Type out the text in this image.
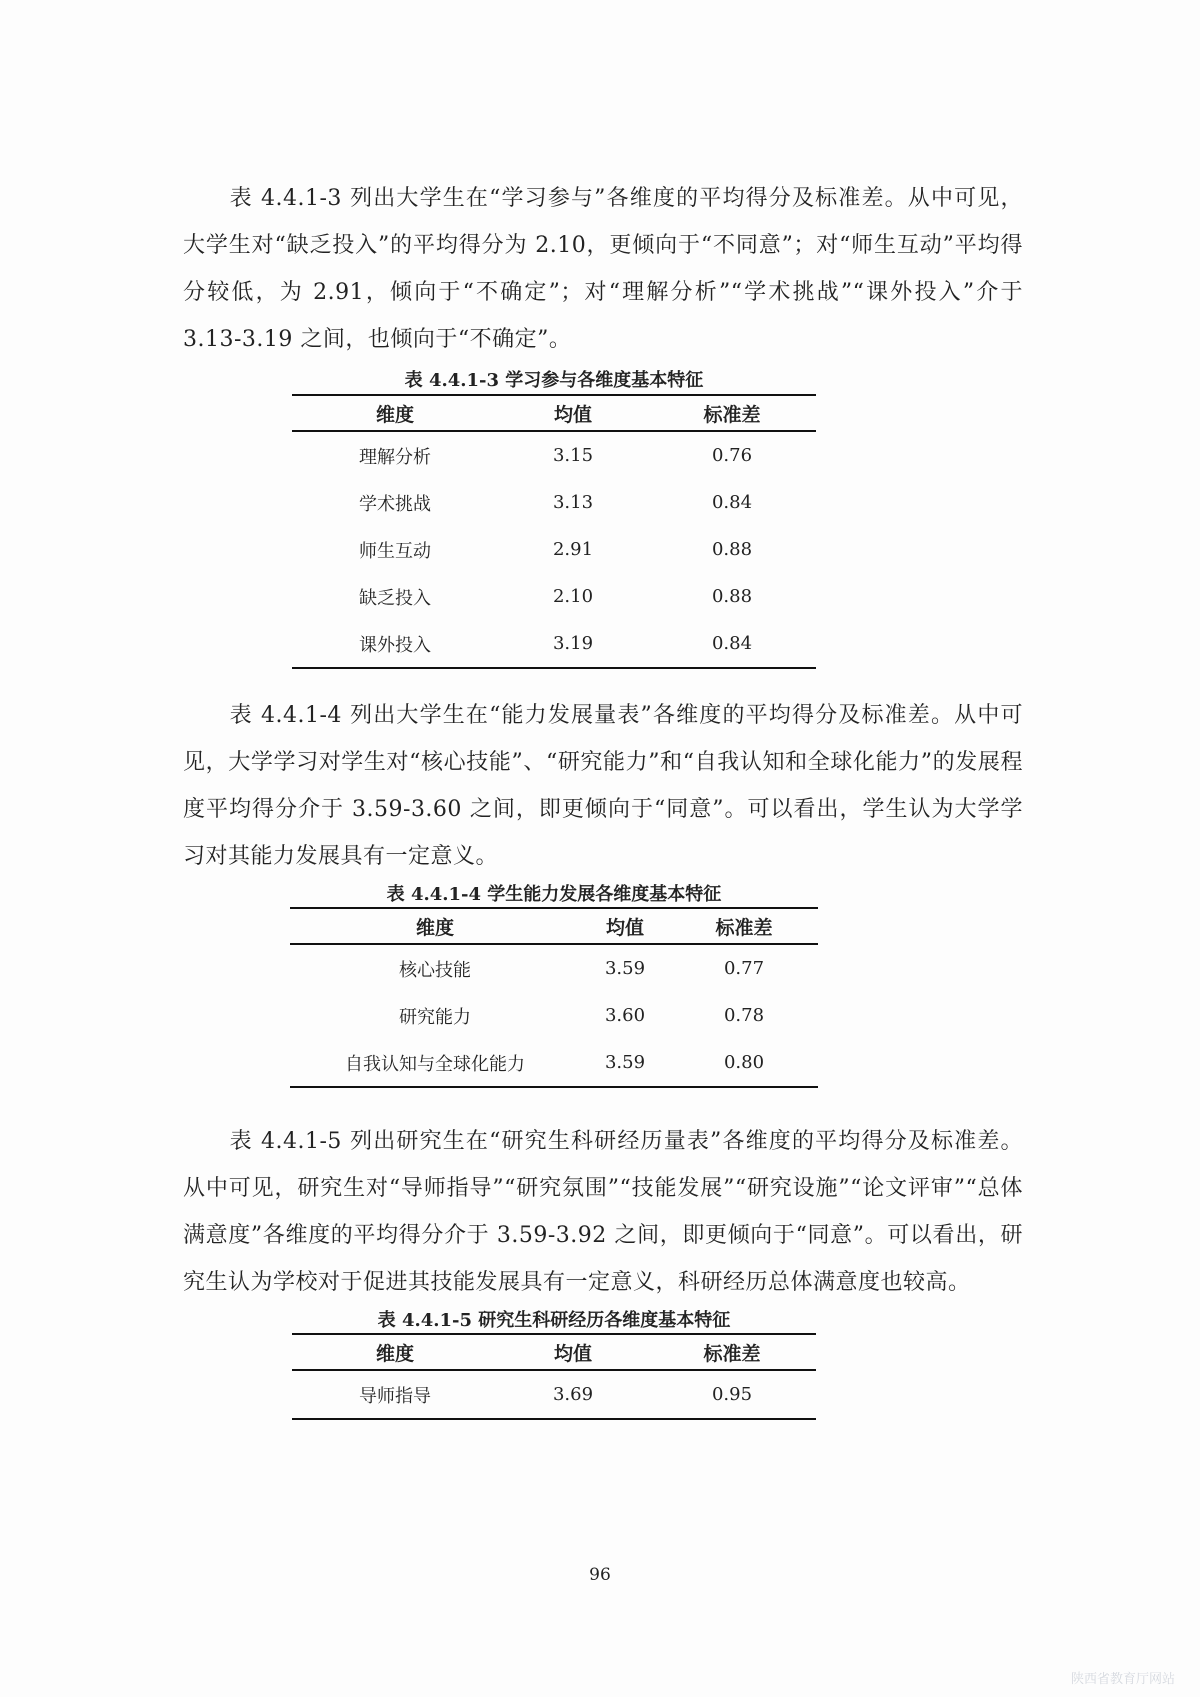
表 4.4.1-3 列出大学生在“学习参与”各维度的平均得分及标准差。从中可见，大学生对“缺乏投入”的平均得分为 2.10，更倾向于“不同意”；对“师生互动”平均得分较低，为 2.91，倾向于“不确定”；对“理解分析”“学术挑战”“课外投入”介于 3.13-3.19 之间，也倾向于“不确定”。

表 4.4.1-3 学习参与各维度基本特征
维度	均值	标准差
理解分析	3.15	0.76
学术挑战	3.13	0.84
师生互动	2.91	0.88
缺乏投入	2.10	0.88
课外投入	3.19	0.84

表 4.4.1-4 列出大学生在“能力发展量表”各维度的平均得分及标准差。从中可见，大学学习对学生对“核心技能”、“研究能力”和“自我认知和全球化能力”的发展程度平均得分介于 3.59-3.60 之间，即更倾向于“同意”。可以看出，学生认为大学学习对其能力发展具有一定意义。

表 4.4.1-4 学生能力发展各维度基本特征
维度	均值	标准差
核心技能	3.59	0.77
研究能力	3.60	0.78
自我认知与全球化能力	3.59	0.80

表 4.4.1-5 列出研究生在“研究生科研经历量表”各维度的平均得分及标准差。从中可见，研究生对“导师指导”“研究氛围”“技能发展”“研究设施”“论文评审”“总体满意度”各维度的平均得分介于 3.59-3.92 之间，即更倾向于“同意”。可以看出，研究生认为学校对于促进其技能发展具有一定意义，科研经历总体满意度也较高。

表 4.4.1-5 研究生科研经历各维度基本特征
维度	均值	标准差
导师指导	3.69	0.95
96
陕西省教育厅网站
